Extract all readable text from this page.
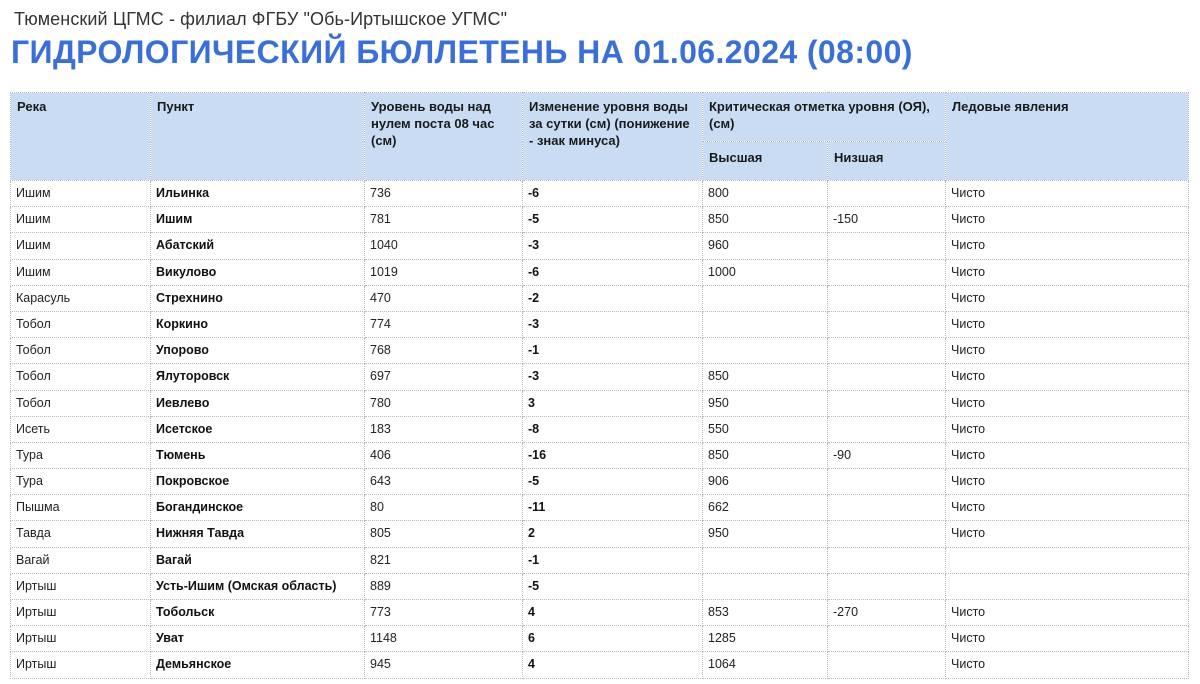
Тюменский ЦГМС - филиал ФГБУ "Обь-Иртышское УГМС"
ГИДРОЛОГИЧЕСКИЙ БЮЛЛЕТЕНЬ НА 01.06.2024 (08:00)
Река	Пункт	Уровень воды над нулем поста 08 час (см)	Изменение уровня воды за сутки (см) (понижение - знак минуса)	Критическая отметка уровня (ОЯ), (см)		Ледовые явления
				Высшая	Низшая	
Ишим	Ильинка	736	-6	800		Чисто
Ишим	Ишим	781	-5	850	-150	Чисто
Ишим	Абатский	1040	-3	960		Чисто
Ишим	Викулово	1019	-6	1000		Чисто
Карасуль	Стрехнино	470	-2			Чисто
Тобол	Коркино	774	-3			Чисто
Тобол	Упорово	768	-1			Чисто
Тобол	Ялуторовск	697	-3	850		Чисто
Тобол	Иевлево	780	3	950		Чисто
Исеть	Исетское	183	-8	550		Чисто
Тура	Тюмень	406	-16	850	-90	Чисто
Тура	Покровское	643	-5	906		Чисто
Пышма	Богандинское	80	-11	662		Чисто
Тавда	Нижняя Тавда	805	2	950		Чисто
Вагай	Вагай	821	-1			
Иртыш	Усть-Ишим (Омская область)	889	-5			
Иртыш	Тобольск	773	4	853	-270	Чисто
Иртыш	Уват	1148	6	1285		Чисто
Иртыш	Демьянское	945	4	1064		Чисто
